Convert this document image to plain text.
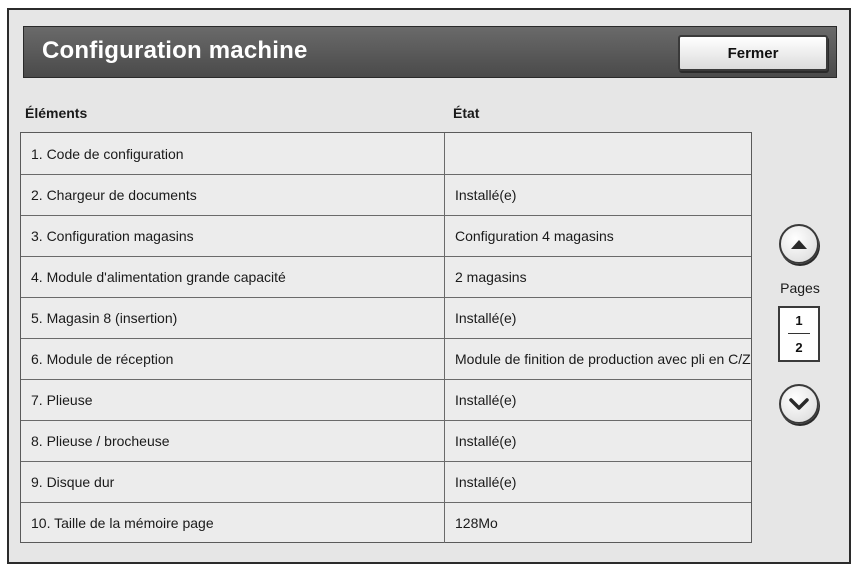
Configuration machine	Fermer
Éléments	État
1. Code de configuration
2. Chargeur de documents	Installé(e)
3. Configuration magasins	Configuration 4 magasins
4. Module d'alimentation grande capacité	2 magasins
5. Magasin 8 (insertion)	Installé(e)
6. Module de réception	Module de finition de production avec pli en C/Z
7. Plieuse	Installé(e)
8. Plieuse / brocheuse	Installé(e)
9. Disque dur	Installé(e)
10. Taille de la mémoire page	128Mo
Pages
1
2
